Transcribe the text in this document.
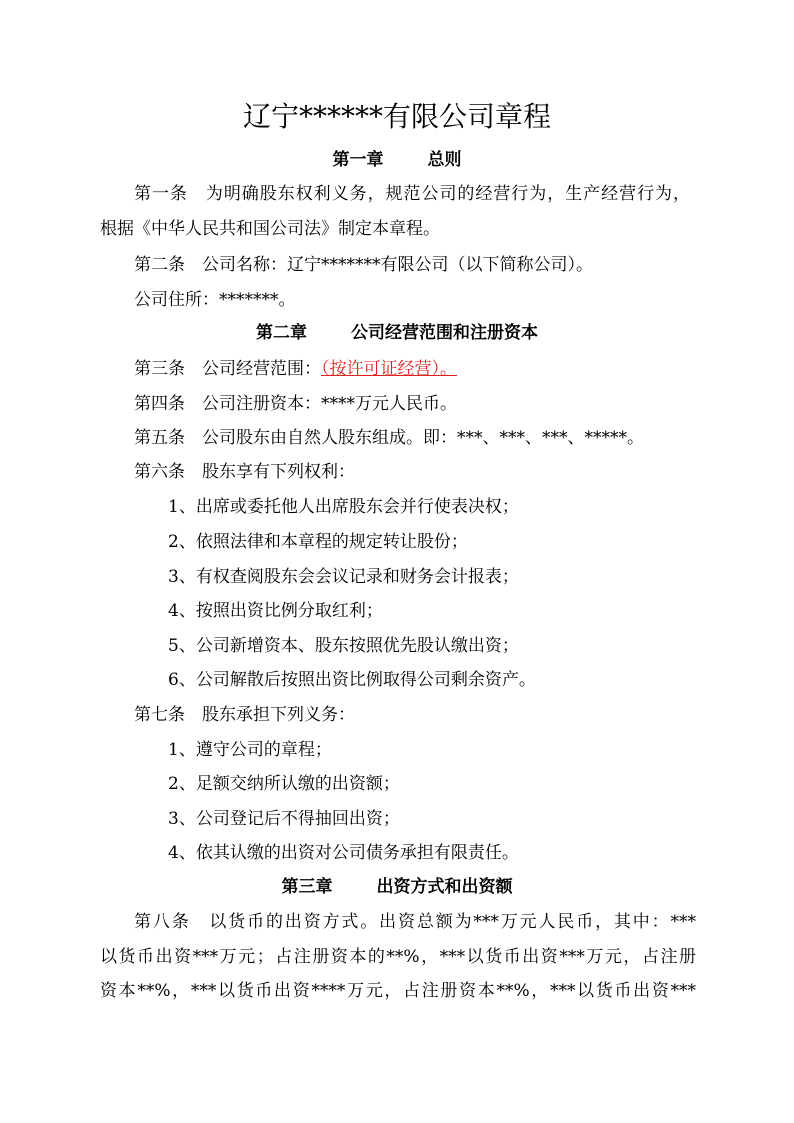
辽宁******有限公司章程
第一章	总则
第一条 为明确股东权利义务，规范公司的经营行为，生产经营行为，
根据《中华人民共和国公司法》制定本章程。
第二条 公司名称：辽宁*******有限公司（以下简称公司）。
公司住所：*******。
第二章	公司经营范围和注册资本
第三条 公司经营范围：（按许可证经营）。
第四条 公司注册资本：****万元人民币。
第五条 公司股东由自然人股东组成。即：***、***、***、*****。
第六条 股东享有下列权利：
1、出席或委托他人出席股东会并行使表决权；
2、依照法律和本章程的规定转让股份；
3、有权查阅股东会会议记录和财务会计报表；
4、按照出资比例分取红利；
5、公司新增资本、股东按照优先股认缴出资；
6、公司解散后按照出资比例取得公司剩余资产。
第七条 股东承担下列义务：
1、遵守公司的章程；
2、足额交纳所认缴的出资额；
3、公司登记后不得抽回出资；
4、依其认缴的出资对公司债务承担有限责任。
第三章	出资方式和出资额
第八条 以货币的出资方式。出资总额为***万元人民币，其中：***
以货币出资***万元；占注册资本的**%，***以货币出资***万元，占注册
资本**%，***以货币出资****万元，占注册资本**%，***以货币出资***
